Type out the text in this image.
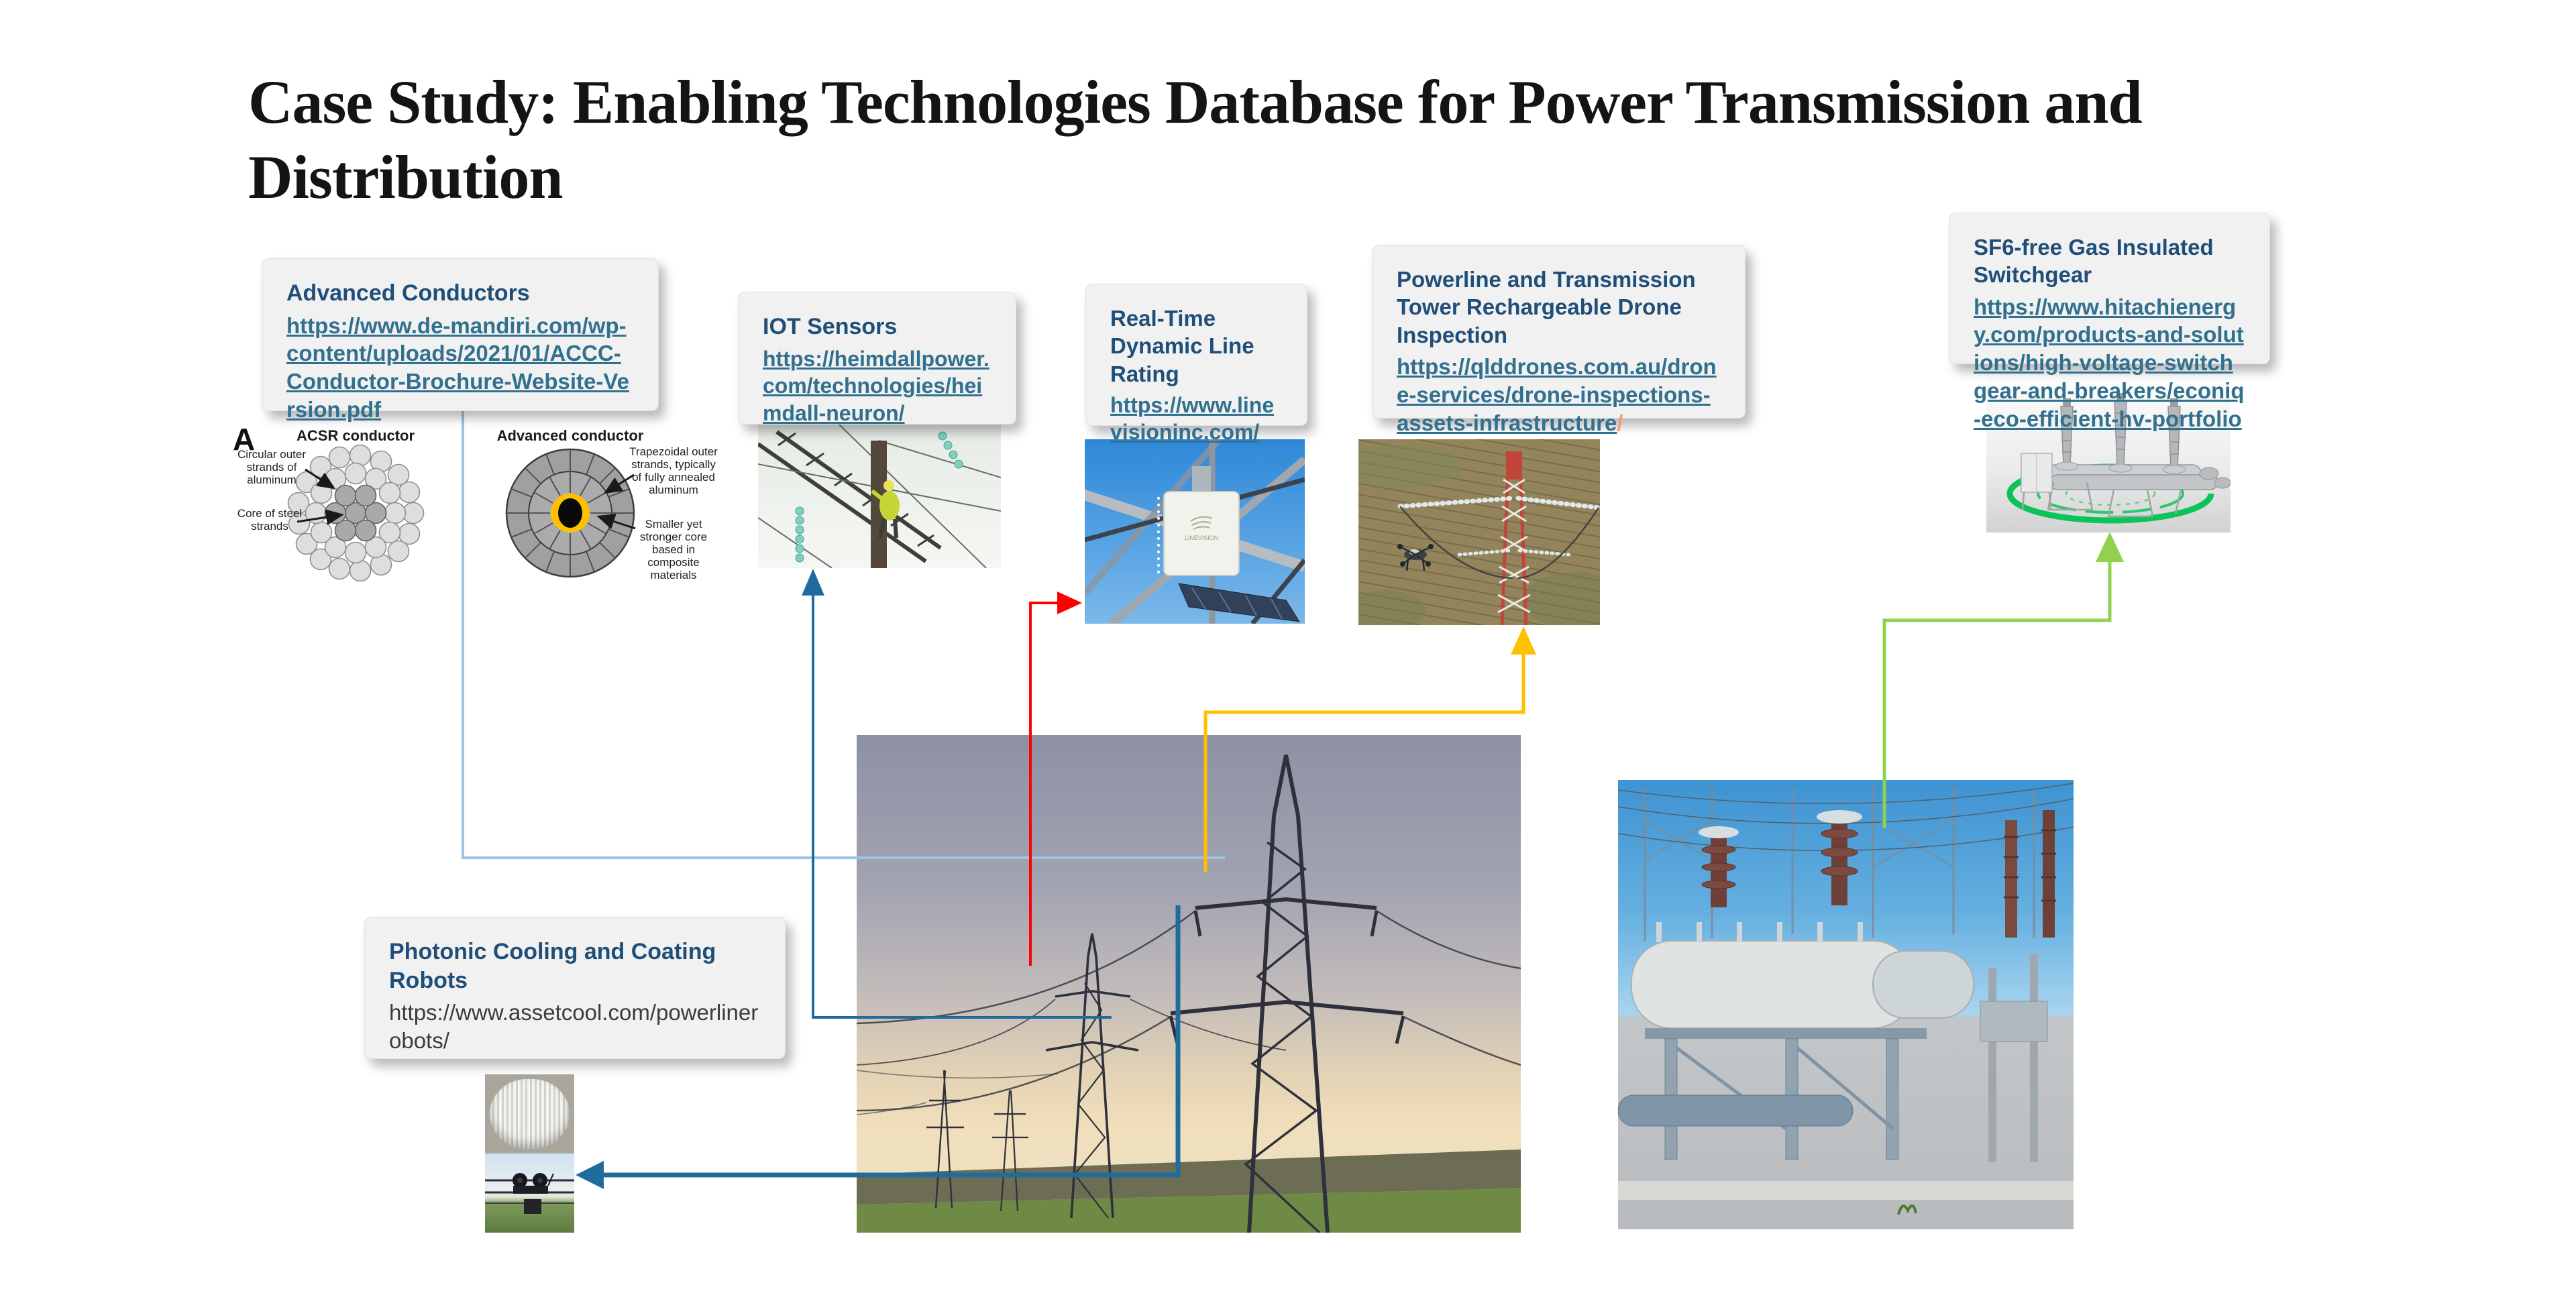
Case Study: Enabling Technologies Database for Power Transmission and Distribution
LINEVISION
A	ACSR conductor	Advanced conductor
Circular outer strands of aluminum
Core of steel strands
Trapezoidal outer strands, typically of fully annealed aluminum
Smaller yet stronger core based in composite materials
Advanced Conductors
https://www.de-mandiri.com/wp-content/uploads/2021/01/ACCC-Conductor-Brochure-Website-Version.pdf
IOT Sensors
https://heimdallpower.com/technologies/heimdall-neuron/
Real-Time Dynamic Line Rating
https://www.linevisioninc.com/
Powerline and Transmission Tower Rechargeable Drone Inspection
https://qlddrones.com.au/drone-services/drone-inspections-assets-infrastructure/
SF6-free Gas Insulated Switchgear
https://www.hitachienergy.com/products-and-solutions/high-voltage-switchgear-and-breakers/econiq-eco-efficient-hv-portfolio
Photonic Cooling and Coating Robots
https://www.assetcool.com/powerlinerobots/
